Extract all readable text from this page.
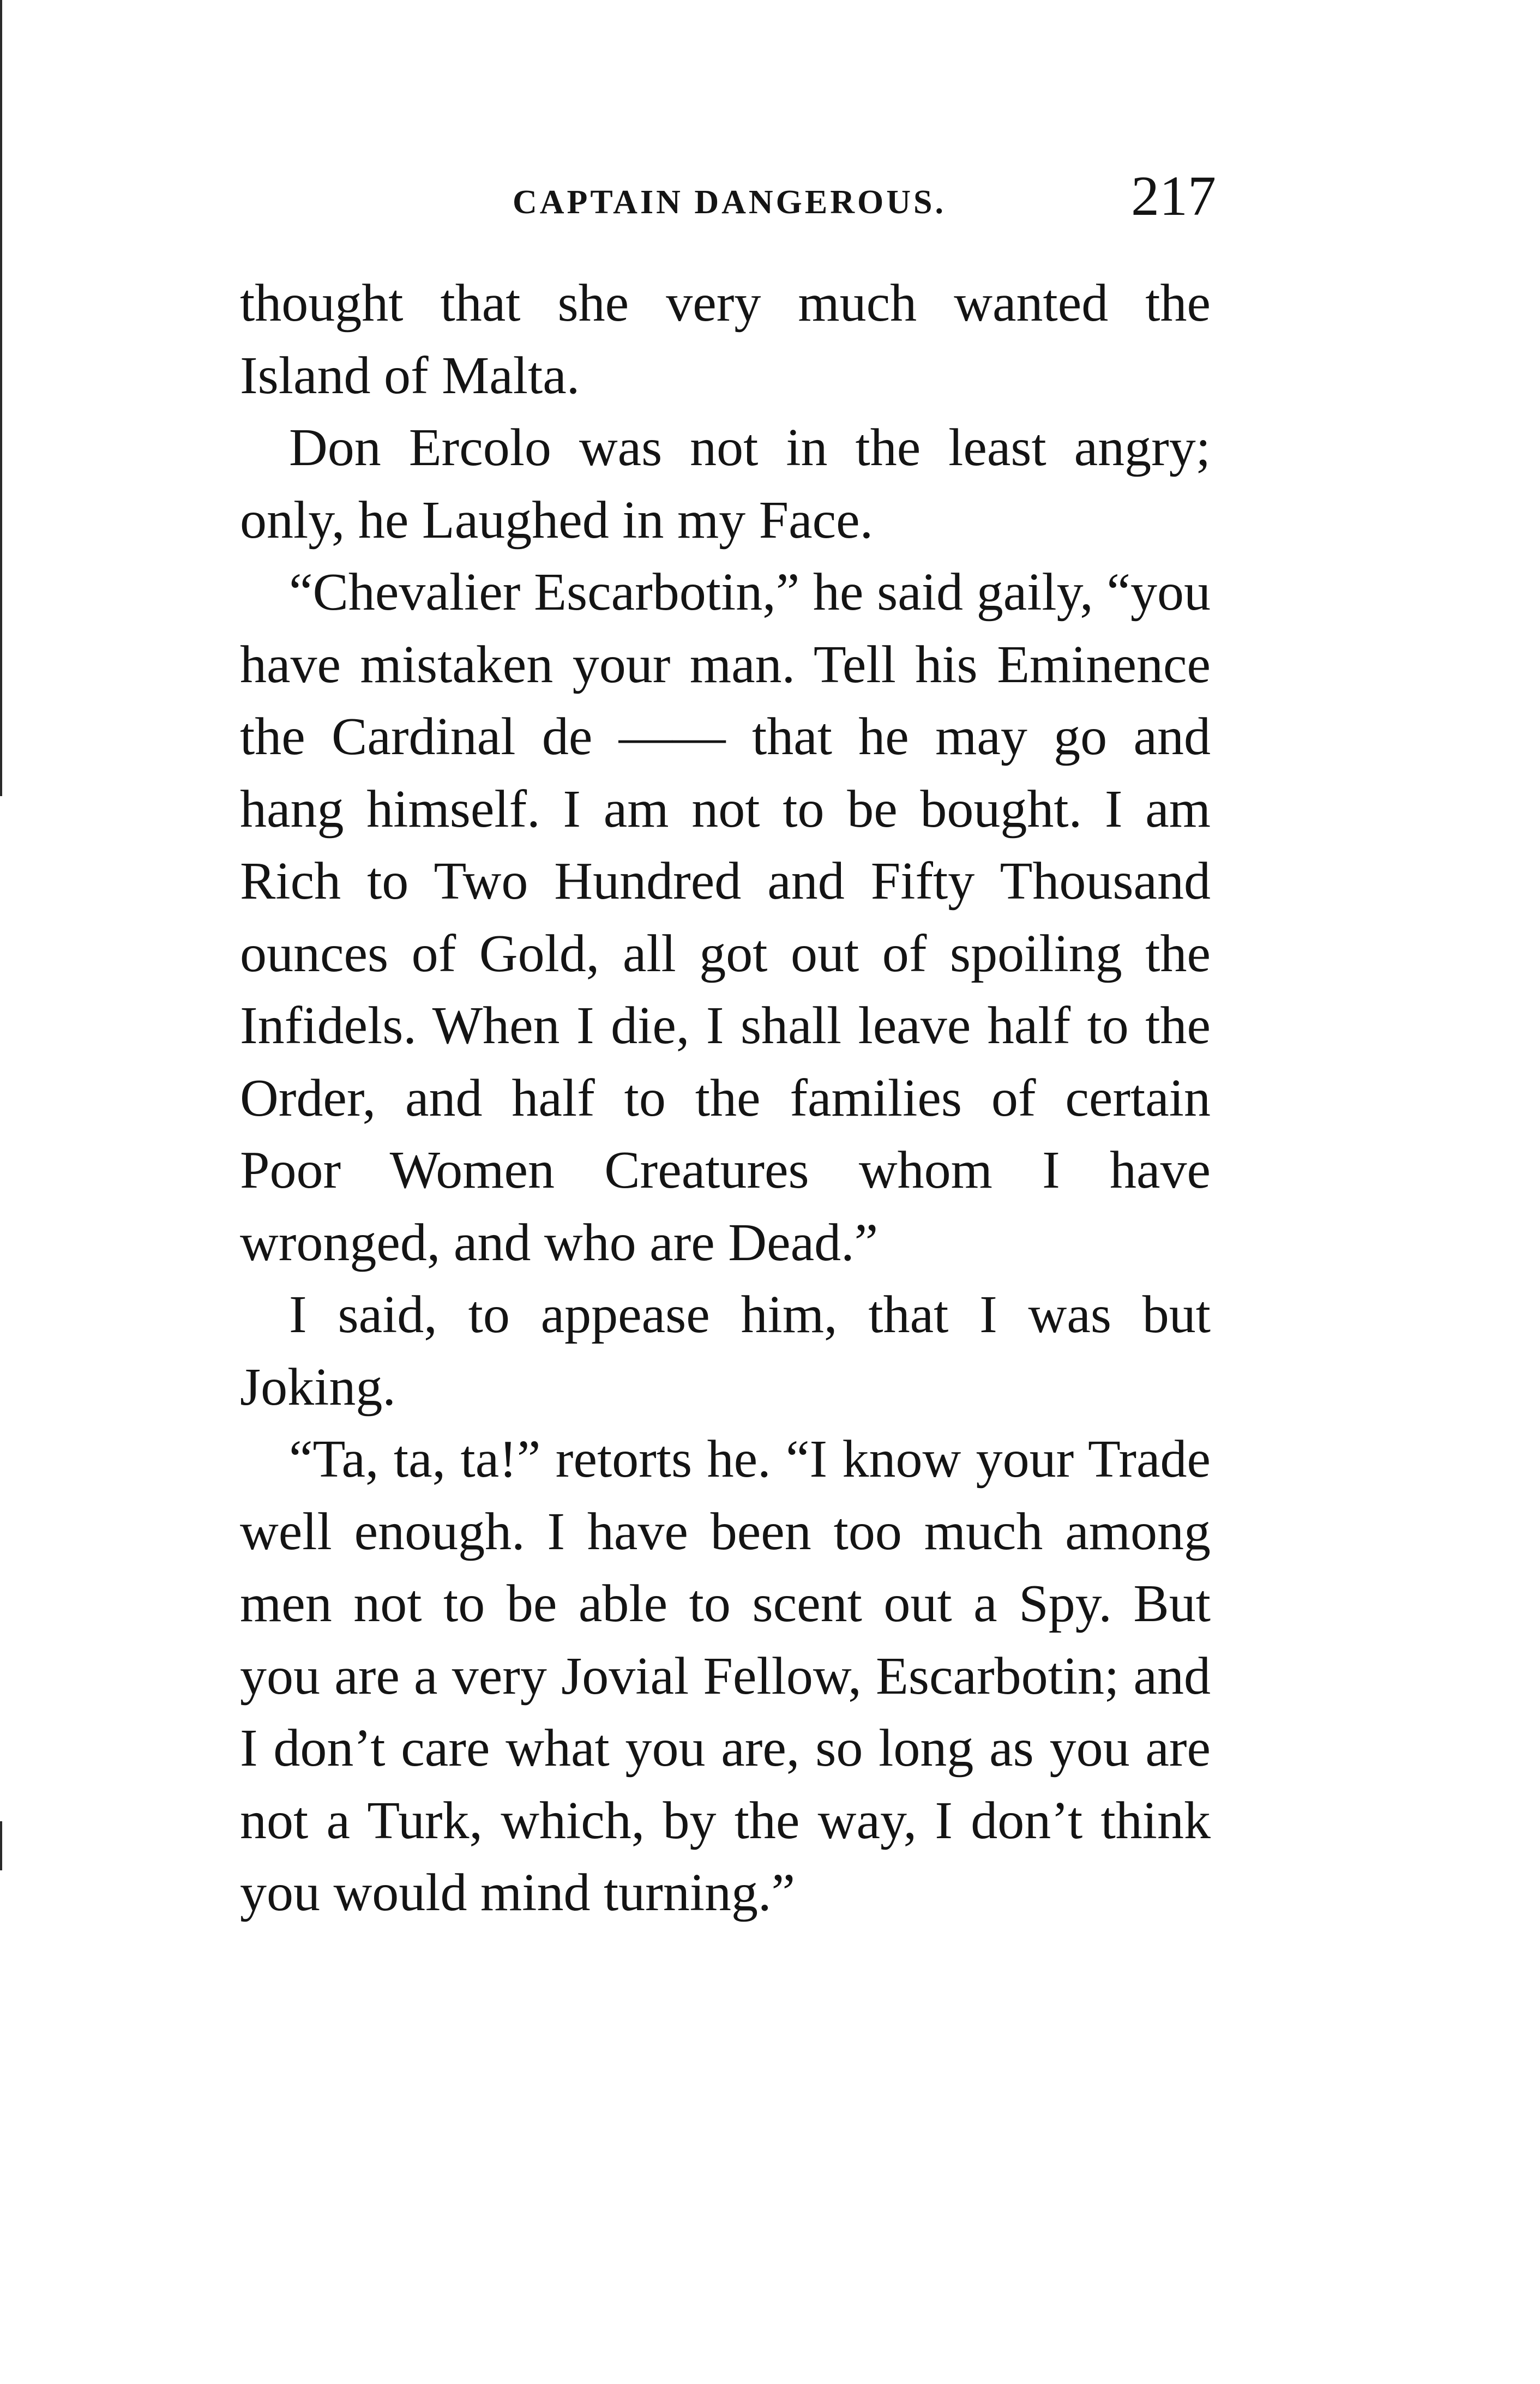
CAPTAIN DANGEROUS.	217

thought that she very much wanted the Island of Malta.

Don Ercolo was not in the least angry; only, he Laughed in my Face.

“Chevalier Escarbotin,” he said gaily, “you have mistaken your man. Tell his Eminence the Cardinal de —— that he may go and hang himself. I am not to be bought. I am Rich to Two Hundred and Fifty Thousand ounces of Gold, all got out of spoiling the Infidels. When I die, I shall leave half to the Order, and half to the families of certain Poor Women Creatures whom I have wronged, and who are Dead.”

I said, to appease him, that I was but Joking.

“Ta, ta, ta!” retorts he. “I know your Trade well enough. I have been too much among men not to be able to scent out a Spy. But you are a very Jovial Fellow, Escarbotin; and I don’t care what you are, so long as you are not a Turk, which, by the way, I don’t think you would mind turning.”
